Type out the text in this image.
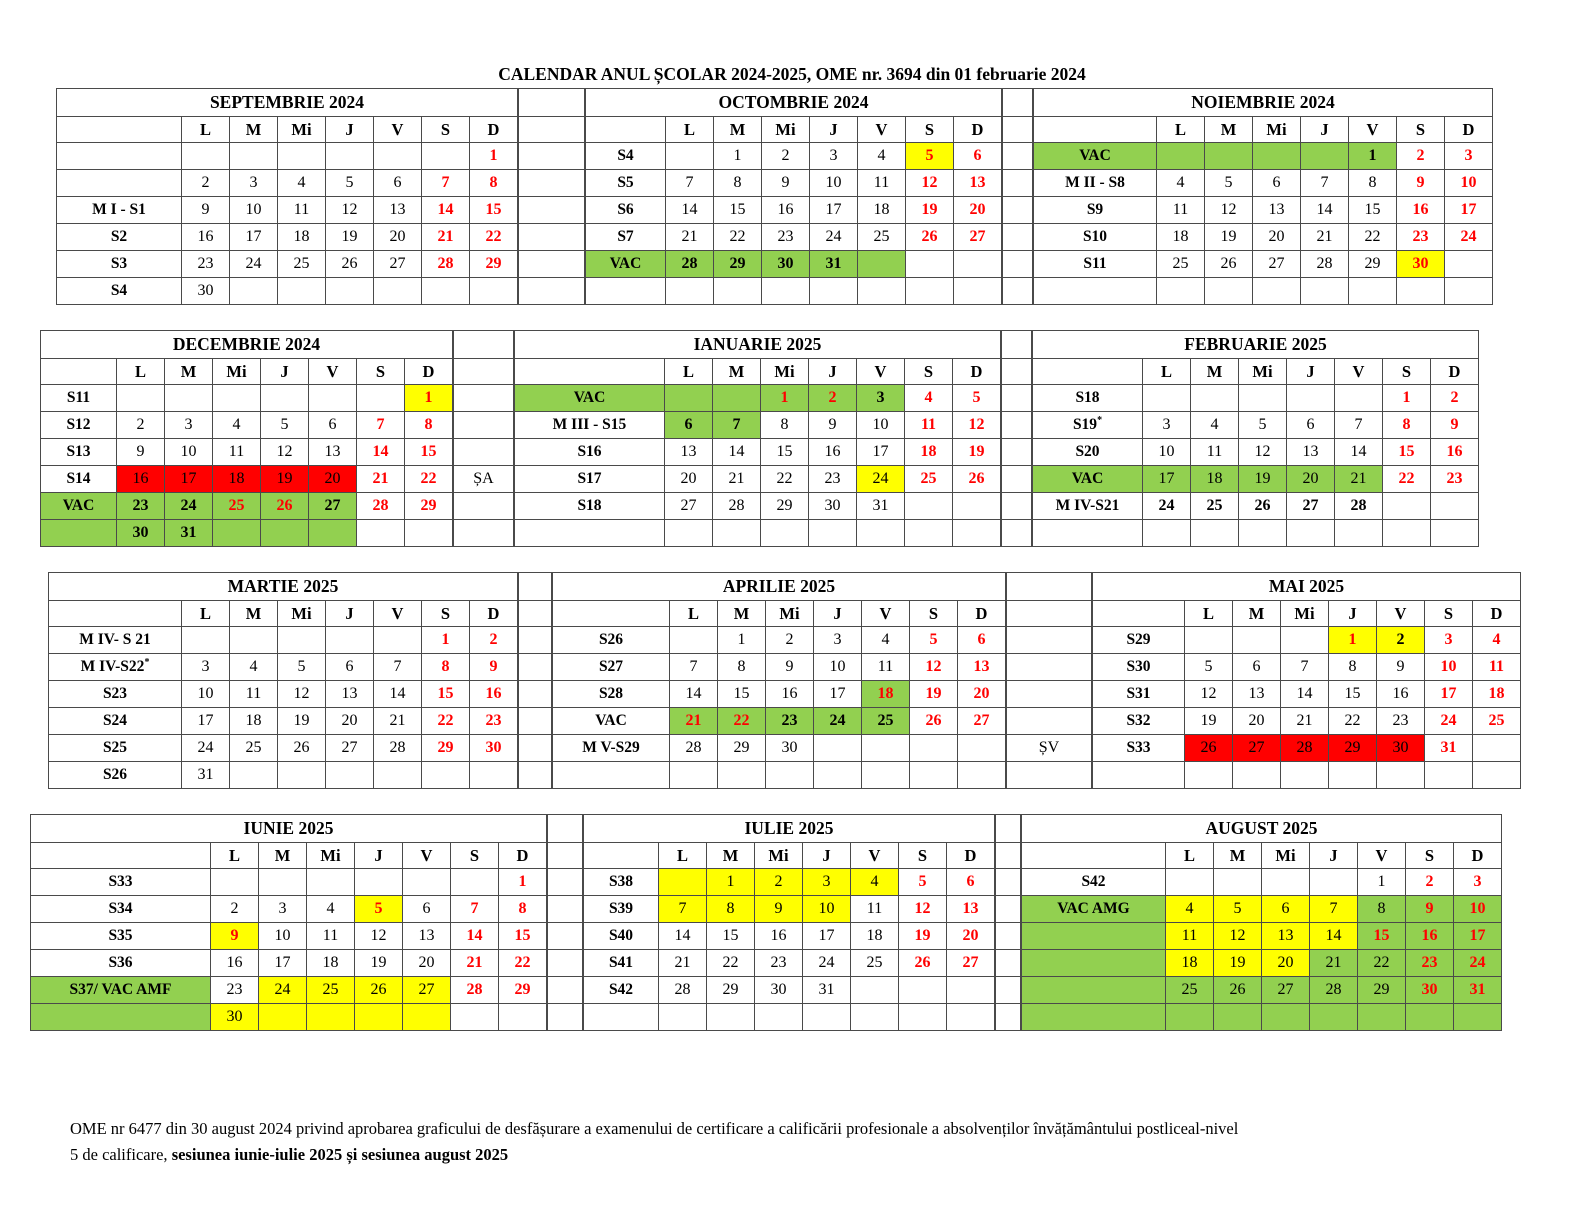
CALENDAR ANUL ȘCOLAR 2024-2025, OME nr. 3694 din 01 februarie 2024
SEPTEMBRIE 2024							
	L	M	Mi	J	V	S	D
							1
	2	3	4	5	6	7	8
M I - S1	9	10	11	12	13	14	15
S2	16	17	18	19	20	21	22
S3	23	24	25	26	27	28	29
S4	30						

OCTOMBRIE 2024							
	L	M	Mi	J	V	S	D
S4		1	2	3	4	5	6
S5	7	8	9	10	11	12	13
S6	14	15	16	17	18	19	20
S7	21	22	23	24	25	26	27
VAC	28	29	30	31			

NOIEMBRIE 2024							
	L	M	Mi	J	V	S	D
VAC					1	2	3
M II - S8	4	5	6	7	8	9	10
S9	11	12	13	14	15	16	17
S10	18	19	20	21	22	23	24
S11	25	26	27	28	29	30	

DECEMBRIE 2024							
	L	M	Mi	J	V	S	D
S11							1
S12	2	3	4	5	6	7	8
S13	9	10	11	12	13	14	15
S14	16	17	18	19	20	21	22
VAC	23	24	25	26	27	28	29
	30	31					

ȘA

IANUARIE 2025							
	L	M	Mi	J	V	S	D
VAC			1	2	3	4	5
M III - S15	6	7	8	9	10	11	12
S16	13	14	15	16	17	18	19
S17	20	21	22	23	24	25	26
S18	27	28	29	30	31		

FEBRUARIE 2025							
	L	M	Mi	J	V	S	D
S18						1	2
S19*	3	4	5	6	7	8	9
S20	10	11	12	13	14	15	16
VAC	17	18	19	20	21	22	23
M IV-S21	24	25	26	27	28		

MARTIE 2025							
	L	M	Mi	J	V	S	D
M IV- S 21						1	2
M IV-S22*	3	4	5	6	7	8	9
S23	10	11	12	13	14	15	16
S24	17	18	19	20	21	22	23
S25	24	25	26	27	28	29	30
S26	31						

APRILIE 2025							
	L	M	Mi	J	V	S	D
S26		1	2	3	4	5	6
S27	7	8	9	10	11	12	13
S28	14	15	16	17	18	19	20
VAC	21	22	23	24	25	26	27
M V-S29	28	29	30				
								ȘV

MAI 2025							
	L	M	Mi	J	V	S	D
S29				1	2	3	4
S30	5	6	7	8	9	10	11
S31	12	13	14	15	16	17	18
S32	19	20	21	22	23	24	25
S33	26	27	28	29	30	31	

IUNIE 2025							
	L	M	Mi	J	V	S	D
S33							1
S34	2	3	4	5	6	7	8
S35	9	10	11	12	13	14	15
S36	16	17	18	19	20	21	22
S37/ VAC AMF	23	24	25	26	27	28	29
	30						

IULIE 2025							
	L	M	Mi	J	V	S	D
S38		1	2	3	4	5	6
S39	7	8	9	10	11	12	13
S40	14	15	16	17	18	19	20
S41	21	22	23	24	25	26	27
S42	28	29	30	31			

AUGUST 2025							
	L	M	Mi	J	V	S	D
S42					1	2	3
VAC AMG	4	5	6	7	8	9	10
	11	12	13	14	15	16	17
	18	19	20	21	22	23	24
	25	26	27	28	29	30	31

OME nr 6477 din 30 august 2024 privind aprobarea graficului de desfășurare a examenului de certificare a calificării profesionale a absolvenților învățământului postliceal-nivel
5 de calificare, sesiunea iunie-iulie 2025 și sesiunea august 2025
